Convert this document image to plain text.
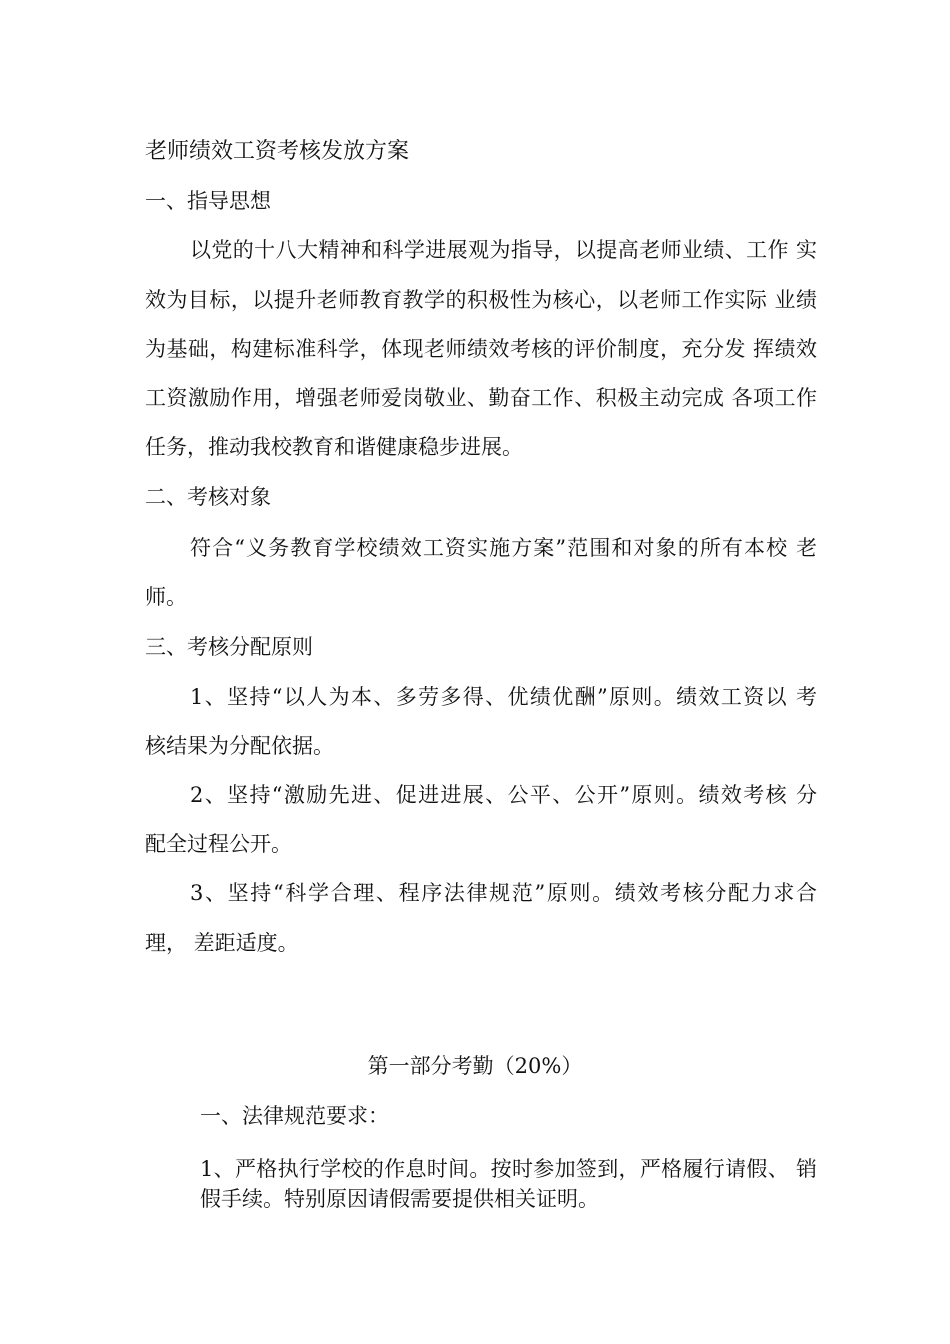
老师绩效工资考核发放方案
一、指导思想
以党的十八大精神和科学进展观为指导，以提高老师业绩、工作 实
效为目标，以提升老师教育教学的积极性为核心，以老师工作实际 业绩
为基础，构建标准科学，体现老师绩效考核的评价制度，充分发 挥绩效
工资激励作用，增强老师爱岗敬业、勤奋工作、积极主动完成 各项工作
任务，推动我校教育和谐健康稳步进展。
二、考核对象
符合“义务教育学校绩效工资实施方案”范围和对象的所有本校 老
师。
三、考核分配原则
1、坚持“以人为本、多劳多得、优绩优酬”原则。绩效工资以 考
核结果为分配依据。
2、坚持“激励先进、促进进展、公平、公开”原则。绩效考核 分
配全过程公开。
3、坚持“科学合理、程序法律规范”原则。绩效考核分配力求合
理， 差距适度。
第一部分考勤（20%）
一、法律规范要求：
1、严格执行学校的作息时间。按时参加签到，严格履行请假、 销
假手续。特别原因请假需要提供相关证明。
